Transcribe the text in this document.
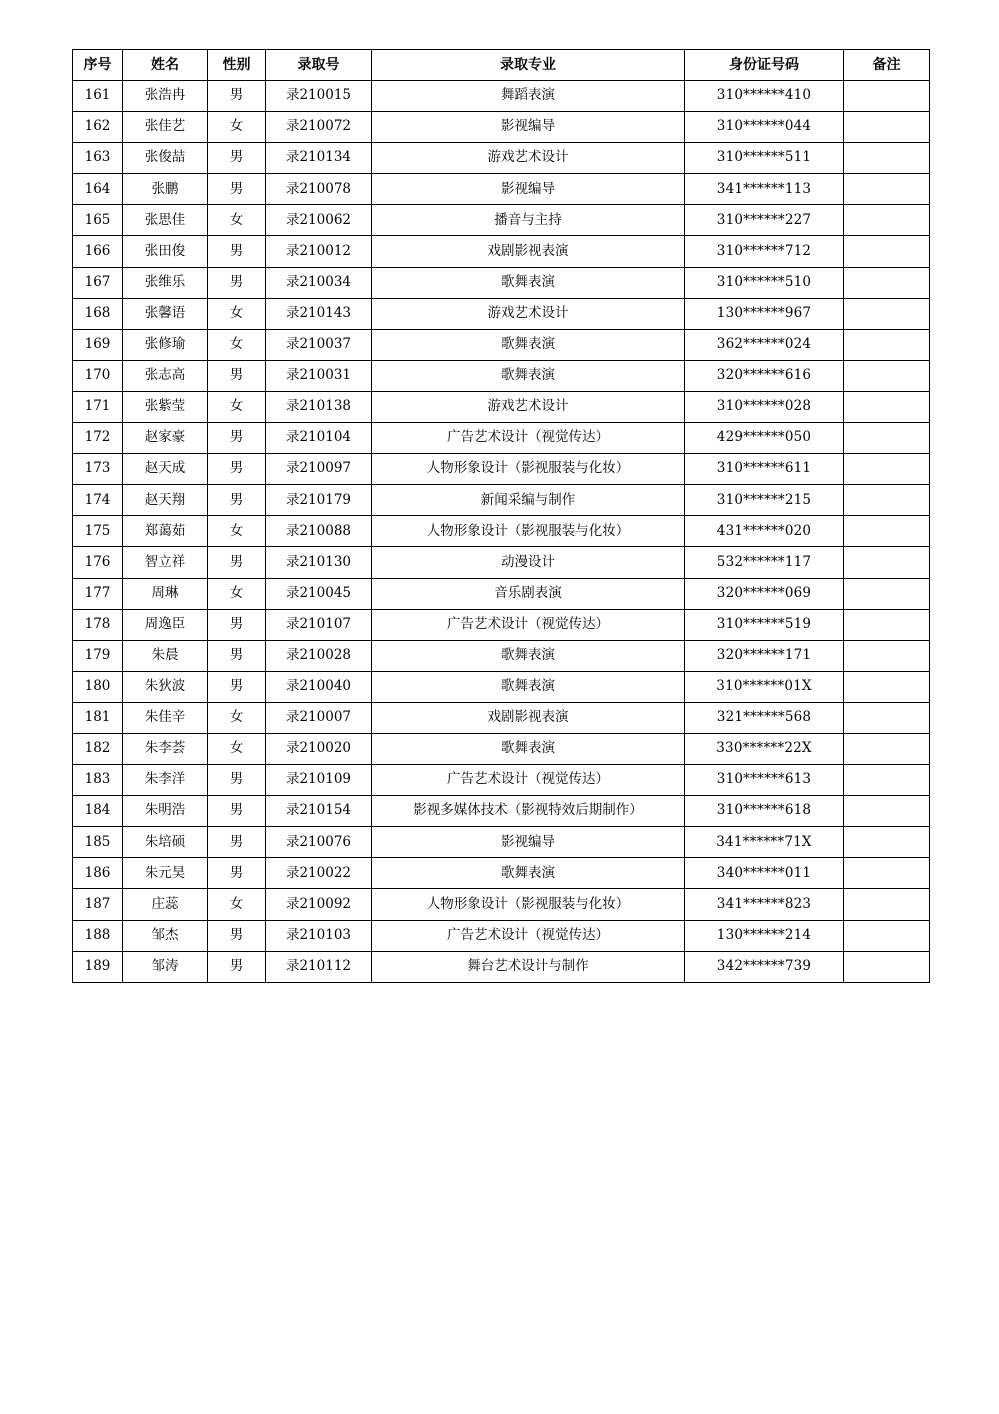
序号	姓名	性别	录取号	录取专业	身份证号码	备注
161	张浩冉	男	录210015	舞蹈表演	310******410	
162	张佳艺	女	录210072	影视编导	310******044	
163	张俊喆	男	录210134	游戏艺术设计	310******511	
164	张鹏	男	录210078	影视编导	341******113	
165	张思佳	女	录210062	播音与主持	310******227	
166	张田俊	男	录210012	戏剧影视表演	310******712	
167	张维乐	男	录210034	歌舞表演	310******510	
168	张馨语	女	录210143	游戏艺术设计	130******967	
169	张修瑜	女	录210037	歌舞表演	362******024	
170	张志高	男	录210031	歌舞表演	320******616	
171	张紫莹	女	录210138	游戏艺术设计	310******028	
172	赵家豪	男	录210104	广告艺术设计（视觉传达）	429******050	
173	赵天成	男	录210097	人物形象设计（影视服装与化妆）	310******611	
174	赵天翔	男	录210179	新闻采编与制作	310******215	
175	郑蔼茹	女	录210088	人物形象设计（影视服装与化妆）	431******020	
176	智立祥	男	录210130	动漫设计	532******117	
177	周琳	女	录210045	音乐剧表演	320******069	
178	周逸臣	男	录210107	广告艺术设计（视觉传达）	310******519	
179	朱晨	男	录210028	歌舞表演	320******171	
180	朱狄波	男	录210040	歌舞表演	310******01X	
181	朱佳辛	女	录210007	戏剧影视表演	321******568	
182	朱李荟	女	录210020	歌舞表演	330******22X	
183	朱李洋	男	录210109	广告艺术设计（视觉传达）	310******613	
184	朱明浩	男	录210154	影视多媒体技术（影视特效后期制作）	310******618	
185	朱培硕	男	录210076	影视编导	341******71X	
186	朱元昊	男	录210022	歌舞表演	340******011	
187	庄蕊	女	录210092	人物形象设计（影视服装与化妆）	341******823	
188	邹杰	男	录210103	广告艺术设计（视觉传达）	130******214	
189	邹涛	男	录210112	舞台艺术设计与制作	342******739	
